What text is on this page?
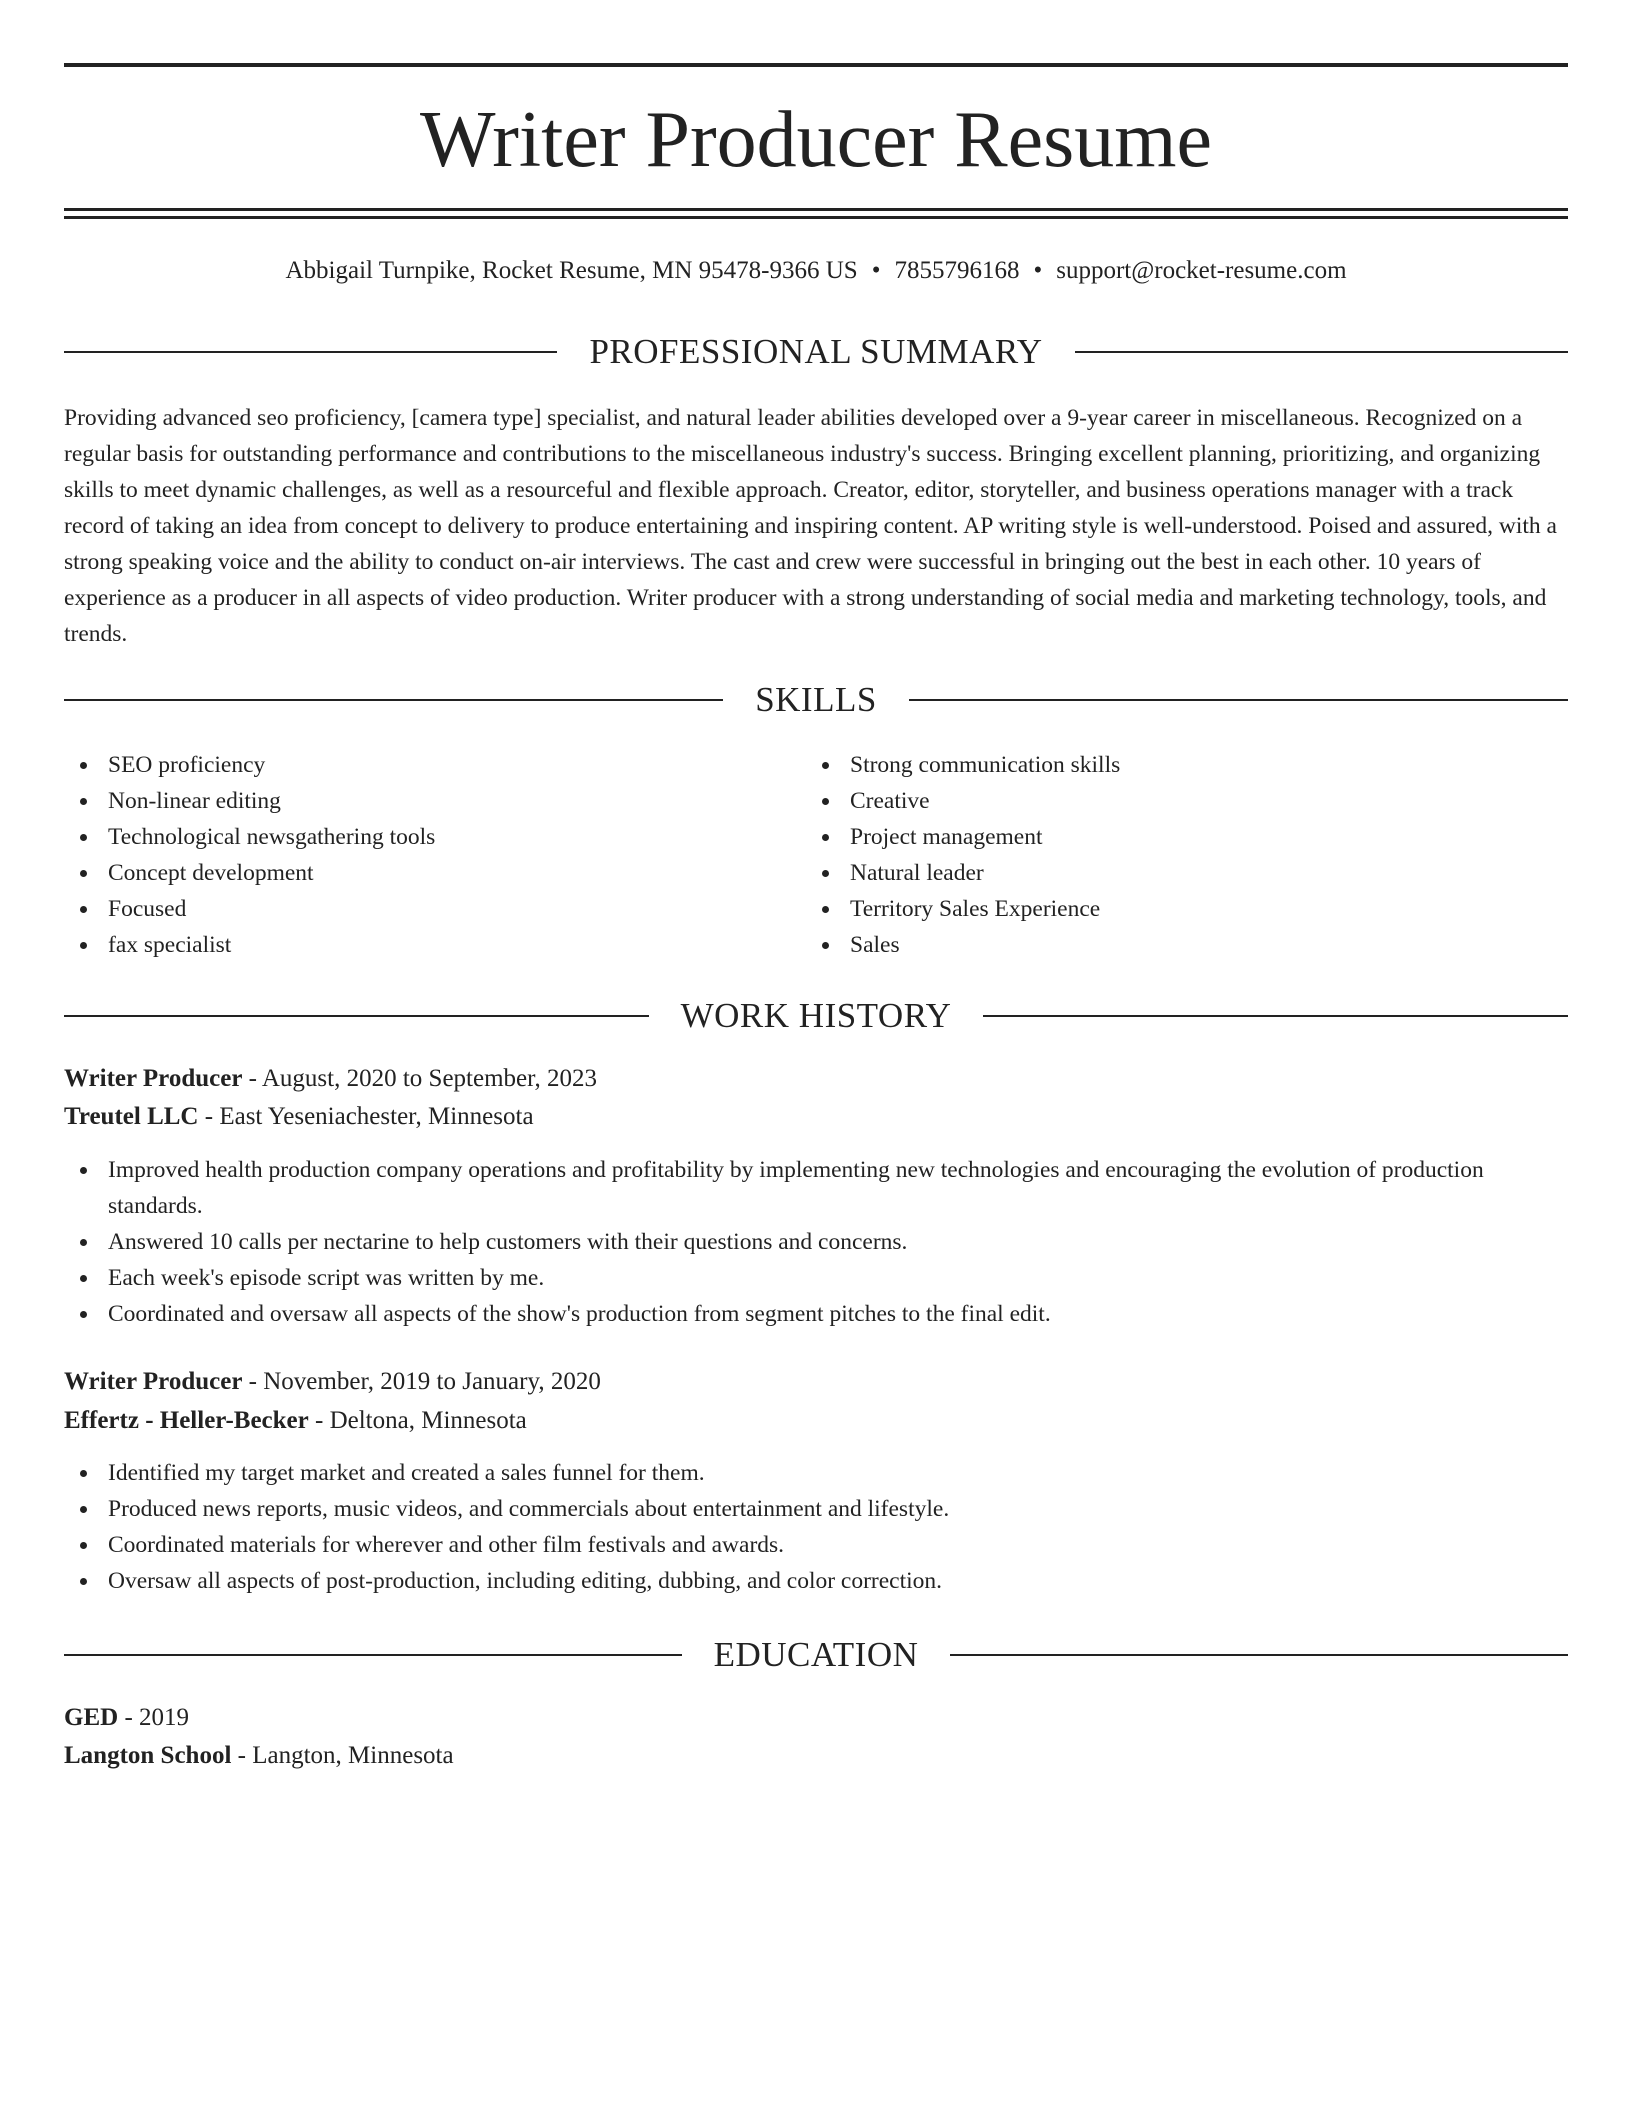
Writer Producer Resume
Abbigail Turnpike, Rocket Resume, MN 95478-9366 US • 7855796168 • support@rocket-resume.com
PROFESSIONAL SUMMARY

Providing advanced seo proficiency, [camera type] specialist, and natural leader abilities developed over a 9-year career in miscellaneous. Recognized on a regular basis for outstanding performance and contributions to the miscellaneous industry's success. Bringing excellent planning, prioritizing, and organizing skills to meet dynamic challenges, as well as a resourceful and flexible approach. Creator, editor, storyteller, and business operations manager with a track record of taking an idea from concept to delivery to produce entertaining and inspiring content. AP writing style is well-understood. Poised and assured, with a strong speaking voice and the ability to conduct on-air interviews. The cast and crew were successful in bringing out the best in each other. 10 years of experience as a producer in all aspects of video production. Writer producer with a strong understanding of social media and marketing technology, tools, and trends.

SKILLS
SEO proficiency
Non-linear editing
Technological newsgathering tools
Concept development
Focused
fax specialist
Strong communication skills
Creative
Project management
Natural leader
Territory Sales Experience
Sales
WORK HISTORY
Writer Producer - August, 2020 to September, 2023
Treutel LLC - East Yeseniachester, Minnesota
Improved health production company operations and profitability by implementing new technologies and encouraging the evolution of production standards.
Answered 10 calls per nectarine to help customers with their questions and concerns.
Each week's episode script was written by me.
Coordinated and oversaw all aspects of the show's production from segment pitches to the final edit.
Writer Producer - November, 2019 to January, 2020
Effertz - Heller-Becker - Deltona, Minnesota
Identified my target market and created a sales funnel for them.
Produced news reports, music videos, and commercials about entertainment and lifestyle.
Coordinated materials for wherever and other film festivals and awards.
Oversaw all aspects of post-production, including editing, dubbing, and color correction.
EDUCATION
GED - 2019
Langton School - Langton, Minnesota
